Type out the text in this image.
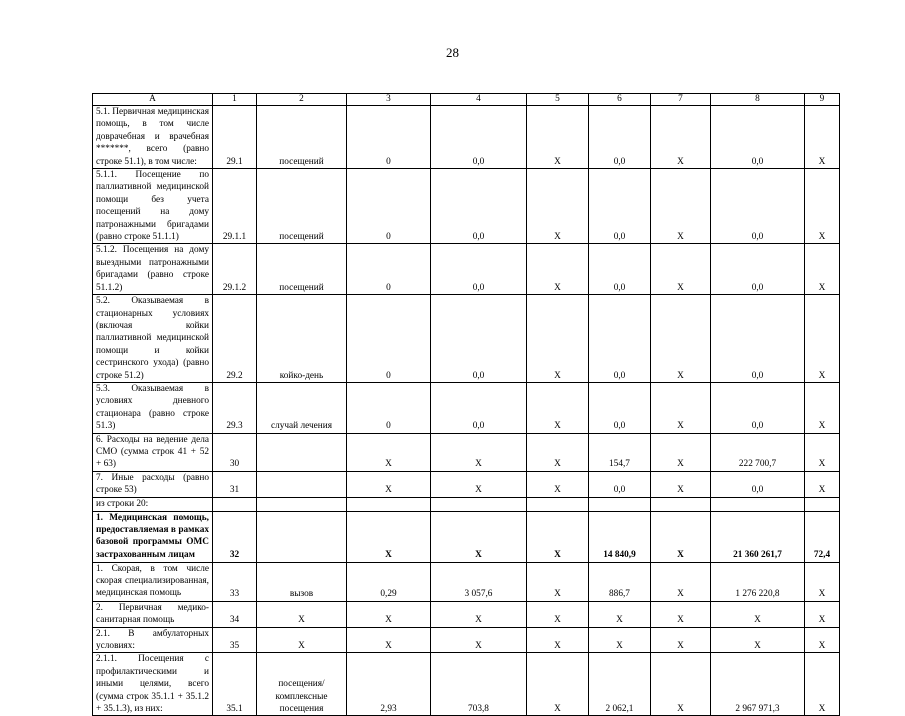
28
А	1	2	3	4	5	6	7	8	9
5.1. Первичная медицинская помощь, в том числе доврачебная и врачебная *******, всего (равно строке 51.1), в том числе:	29.1	посещений	0	0,0	X	0,0	X	0,0	X
5.1.1. Посещение по паллиативной медицинской помощи без учета посещений на дому патронажными бригадами (равно строке 51.1.1)	29.1.1	посещений	0	0,0	X	0,0	X	0,0	X
5.1.2. Посещения на дому выездными патронажными бригадами (равно строке 51.1.2)	29.1.2	посещений	0	0,0	X	0,0	X	0,0	X
5.2. Оказываемая в стационарных условиях (включая койки паллиативной медицинской помощи и койки сестринского ухода) (равно строке 51.2)	29.2	койко-день	0	0,0	X	0,0	X	0,0	X
5.3. Оказываемая в условиях дневного стационара (равно строке 51.3)	29.3	случай лечения	0	0,0	X	0,0	X	0,0	X
6. Расходы на ведение дела СМО (сумма строк 41 + 52 + 63)	30		X	X	X	154,7	X	222 700,7	X
7. Иные расходы (равно строке 53)	31		X	X	X	0,0	X	0,0	X
из строки 20:									
1. Медицинская помощь, предоставляемая в рамках базовой программы ОМС застрахованным лицам	32		X	X	X	14 840,9	X	21 360 261,7	72,4
1. Скорая, в том числе скорая специализированная, медицинская помощь	33	вызов	0,29	3 057,6	X	886,7	X	1 276 220,8	X
2. Первичная медико-санитарная помощь	34	X	X	X	X	X	X	X	X
2.1. В амбулаторных условиях:	35	X	X	X	X	X	X	X	X
2.1.1. Посещения с профилактическими и иными целями, всего (сумма строк 35.1.1 + 35.1.2 + 35.1.3), из них:	35.1	посещения/ комплексные посещения	2,93	703,8	X	2 062,1	X	2 967 971,3	X
